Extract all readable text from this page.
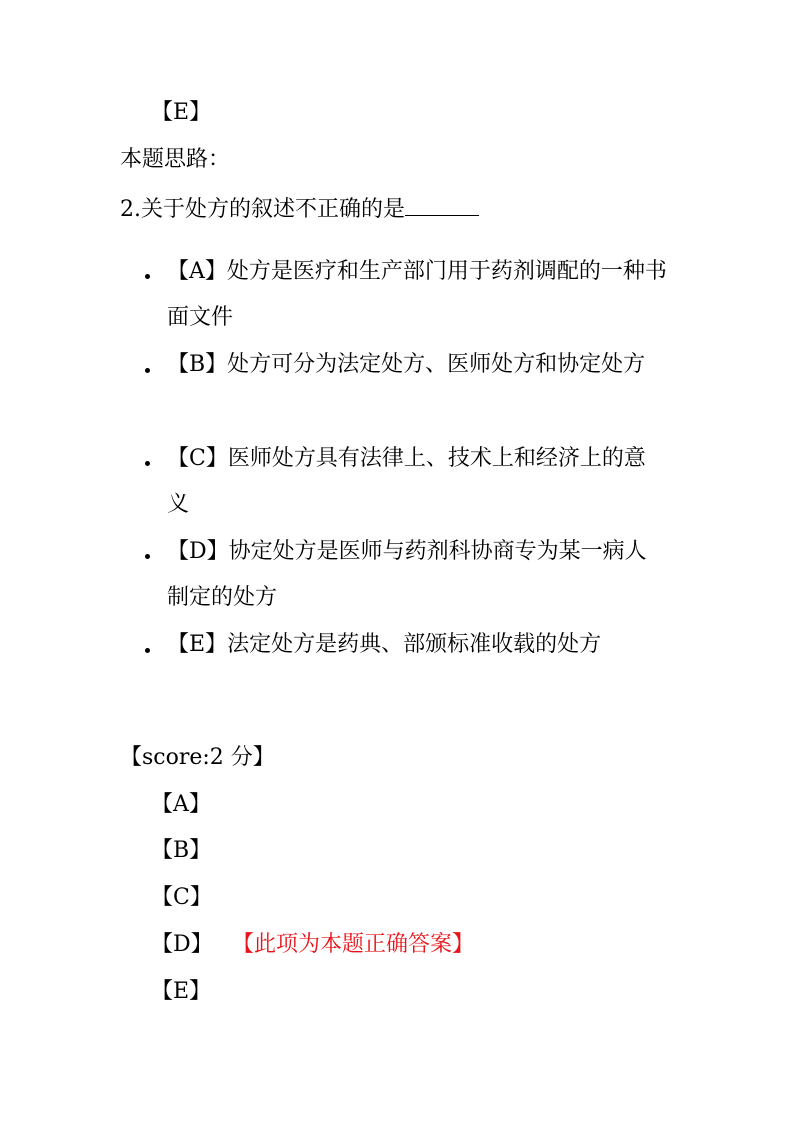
【E】
本题思路：
2.关于处方的叙述不正确的是
【A】处方是医疗和生产部门用于药剂调配的一种书面文件
【B】处方可分为法定处方、医师处方和协定处方
【C】医师处方具有法律上、技术上和经济上的意义
【D】协定处方是医师与药剂科协商专为某一病人制定的处方
【E】法定处方是药典、部颁标准收载的处方
【score:2 分】
【A】
【B】
【C】
【D】 【此项为本题正确答案】
【E】
